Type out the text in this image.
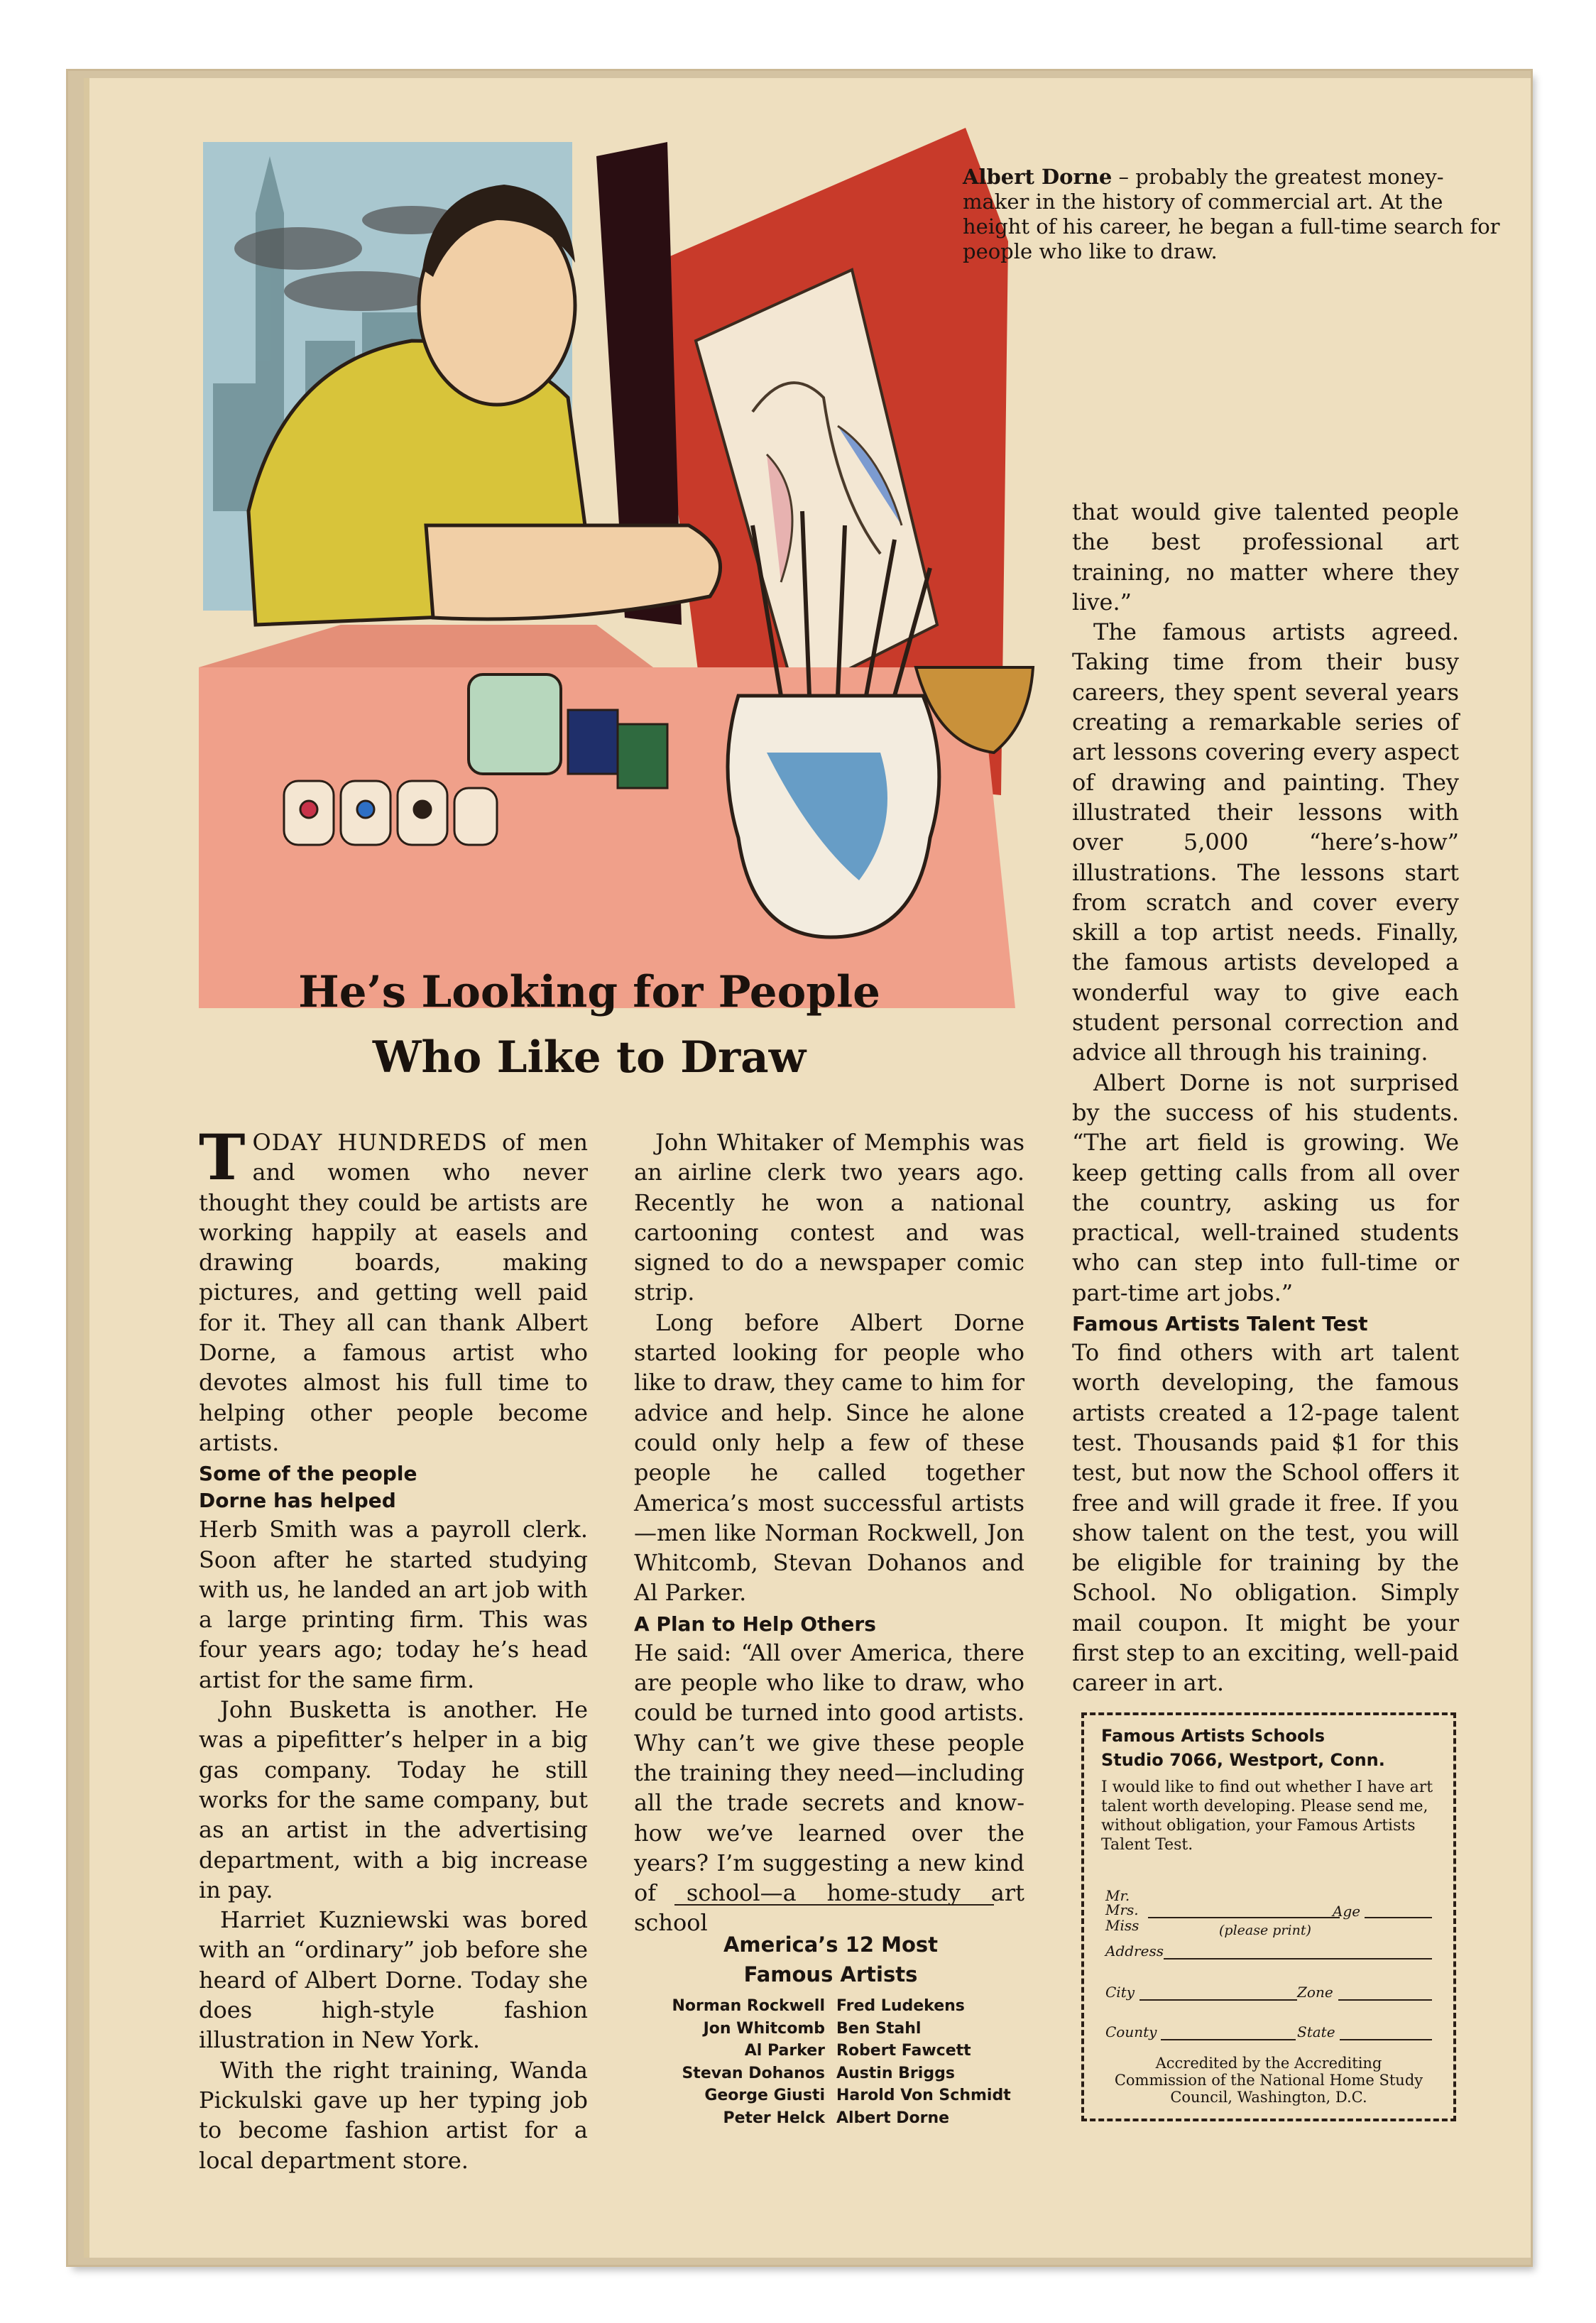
Albert Dorne – probably the greatest money-maker in the history of commercial art. At the height of his career, he began a full-time search for people who like to draw.
He’s Looking for People
Who Like to Draw

TODAY HUNDREDS of men and women who never thought they could be artists are working happily at easels and drawing boards, making pictures, and getting well paid for it. They all can thank Albert Dorne, a famous artist who devotes almost his full time to helping other people become artists.

Some of the people
Dorne has helped

Herb Smith was a payroll clerk. Soon after he started studying with us, he landed an art job with a large printing firm. This was four years ago; today he’s head artist for the same firm.

John Busketta is another. He was a pipefitter’s helper in a big gas company. Today he still works for the same company, but as an artist in the advertising department, with a big increase in pay.

Harriet Kuzniewski was bored with an “ordinary” job before she heard of Albert Dorne. Today she does high-style fashion illustration in New York.

With the right training, Wanda Pickulski gave up her typing job to become fashion artist for a local department store.

John Whitaker of Memphis was an airline clerk two years ago. Recently he won a national cartooning contest and was signed to do a newspaper comic strip.

Long before Albert Dorne started looking for people who like to draw, they came to him for advice and help. Since he alone could only help a few of these people he called together America’s most successful artists—men like Norman Rockwell, Jon Whitcomb, Stevan Dohanos and Al Parker.

A Plan to Help Others

He said: “All over America, there are people who like to draw, who could be turned into good artists. Why can’t we give these people the training they need—including all the trade secrets and know-how we’ve learned over the years? I’m suggesting a new kind of school—a home-study art school

America’s 12 Most
Famous Artists
Norman Rockwell
Jon Whitcomb
Al Parker
Stevan Dohanos
George Giusti
Peter Helck
Fred Ludekens
Ben Stahl
Robert Fawcett
Austin Briggs
Harold Von Schmidt
Albert Dorne

that would give talented people the best professional art training, no matter where they live.”

The famous artists agreed. Taking time from their busy careers, they spent several years creating a remarkable series of art lessons covering every aspect of drawing and painting. They illustrated their lessons with over 5,000 “here’s-how” illustrations. The lessons start from scratch and cover every skill a top artist needs. Finally, the famous artists developed a wonderful way to give each student personal correction and advice all through his training.

Albert Dorne is not surprised by the success of his students. “The art field is growing. We keep getting calls from all over the country, asking us for practical, well-trained students who can step into full-time or part-time art jobs.”

Famous Artists Talent Test

To find others with art talent worth developing, the famous artists created a 12-page talent test. Thousands paid $1 for this test, but now the School offers it free and will grade it free. If you show talent on the test, you will be eligible for training by the School. No obligation. Simply mail coupon. It might be your first step to an exciting, well-paid career in art.

Famous Artists Schools
Studio 7066, Westport, Conn.
I would like to find out whether I have art talent worth developing. Please send me, without obligation, your Famous Artists Talent Test.
Mr.
Mrs.
Miss
Age
(please print)
Address
City	Zone
County	State
Accredited by the Accrediting Commission of the National Home Study Council, Washington, D.C.
